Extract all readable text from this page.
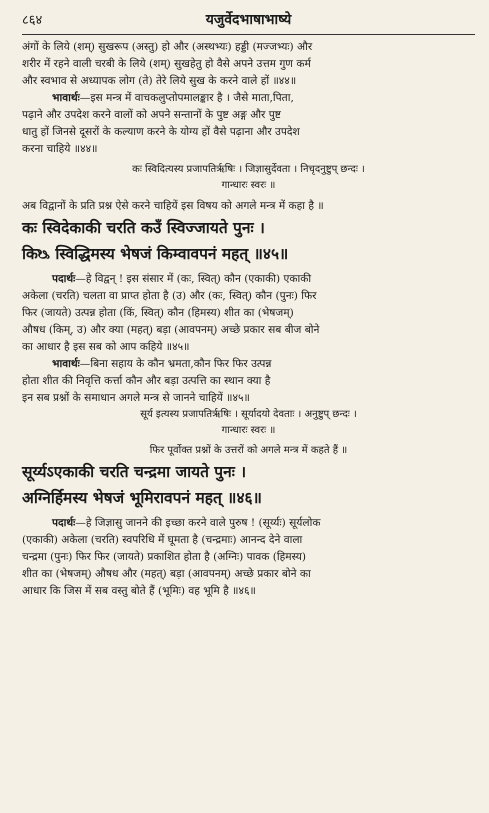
८६४	यजुर्वेदभाषाभाष्ये

अंगों के लिये (शम्) सुखरूप (अस्तु) हो और (अस्थभ्यः) हड्डी (मज्जभ्यः) और

शरीर में रहने वाली चरबी के लिये (शम्) सुखहेतु हो वैसे अपने उत्तम गुण कर्म

और स्वभाव से अध्यापक लोग (ते) तेरे लिये सुख के करने वाले हों ॥४४॥

भावार्थः—इस मन्त्र में वाचकलुप्तोपमालङ्कार है । जैसे माता,पिता,

पढ़ाने और उपदेश करने वालों को अपने सन्तानों के पुष्ट अङ्ग और पुष्ट

धातु हों जिनसे दूसरों के कल्याण करने के योग्य हों वैसे पढ़ाना और उपदेश

करना चाहिये ॥४४॥

कः स्विदित्यस्य प्रजापतिर्ऋषिः । जिज्ञासुर्देवता । निचृदनुष्टुप् छन्दः ।

गान्धारः स्वरः ॥

अब विद्वानों के प्रति प्रश्न ऐसे करने चाहियें इस विषय को अगले मन्त्र में कहा है ॥

कः स्विदेकाकी चरति कउँ स्विज्जायते पुनः ।
किᳬ स्विद्धिमस्य भेषजं किम्वावपनं महत् ॥४५॥

पदार्थः—हे विद्वन् ! इस संसार में (कः, स्वित्) कौन (एकाकी) एकाकी

अकेला (चरति) चलता वा प्राप्त होता है (उ) और (कः, स्वित्) कौन (पुनः) फिर

फिर (जायते) उत्पन्न होता (किं, स्वित्) कौन (हिमस्य) शीत का (भेषजम्)

औषध (किम्, उ) और क्या (महत्) बड़ा (आवपनम्) अच्छे प्रकार सब बीज बोने

का आधार है इस सब को आप कहिये ॥४५॥

भावार्थः—बिना सहाय के कौन भ्रमता,कौन फिर फिर उत्पन्न

होता शीत की निवृत्ति कर्त्ता कौन और बड़ा उत्पत्ति का स्थान क्या है

इन सब प्रश्नों के समाधान अगले मन्त्र से जानने चाहियें ॥४५॥

सूर्य इत्यस्य प्रजापतिर्ऋषिः । सूर्यादयो देवताः । अनुष्टुप् छन्दः ।

गान्धारः स्वरः ॥

फिर पूर्वोक्त प्रश्नों के उत्तरों को अगले मन्त्र में कहते हैं ॥

सूर्य्यऽएकाकी चरति चन्द्रमा जायते पुनः ।
अग्निर्हिमस्य भेषजं भूमिरावपनं महत् ॥४६॥

पदार्थः—हे जिज्ञासु जानने की इच्छा करने वाले पुरुष ! (सूर्य्यः) सूर्यलोक

(एकाकी) अकेला (चरति) स्वपरिधि में घूमता है (चन्द्रमाः) आनन्द देने वाला

चन्द्रमा (पुनः) फिर फिर (जायते) प्रकाशित होता है (अग्निः) पावक (हिमस्य)

शीत का (भेषजम्) औषध और (महत्) बड़ा (आवपनम्) अच्छे प्रकार बोने का

आधार कि जिस में सब वस्तु बोते हैं (भूमिः) वह भूमि है ॥४६॥
